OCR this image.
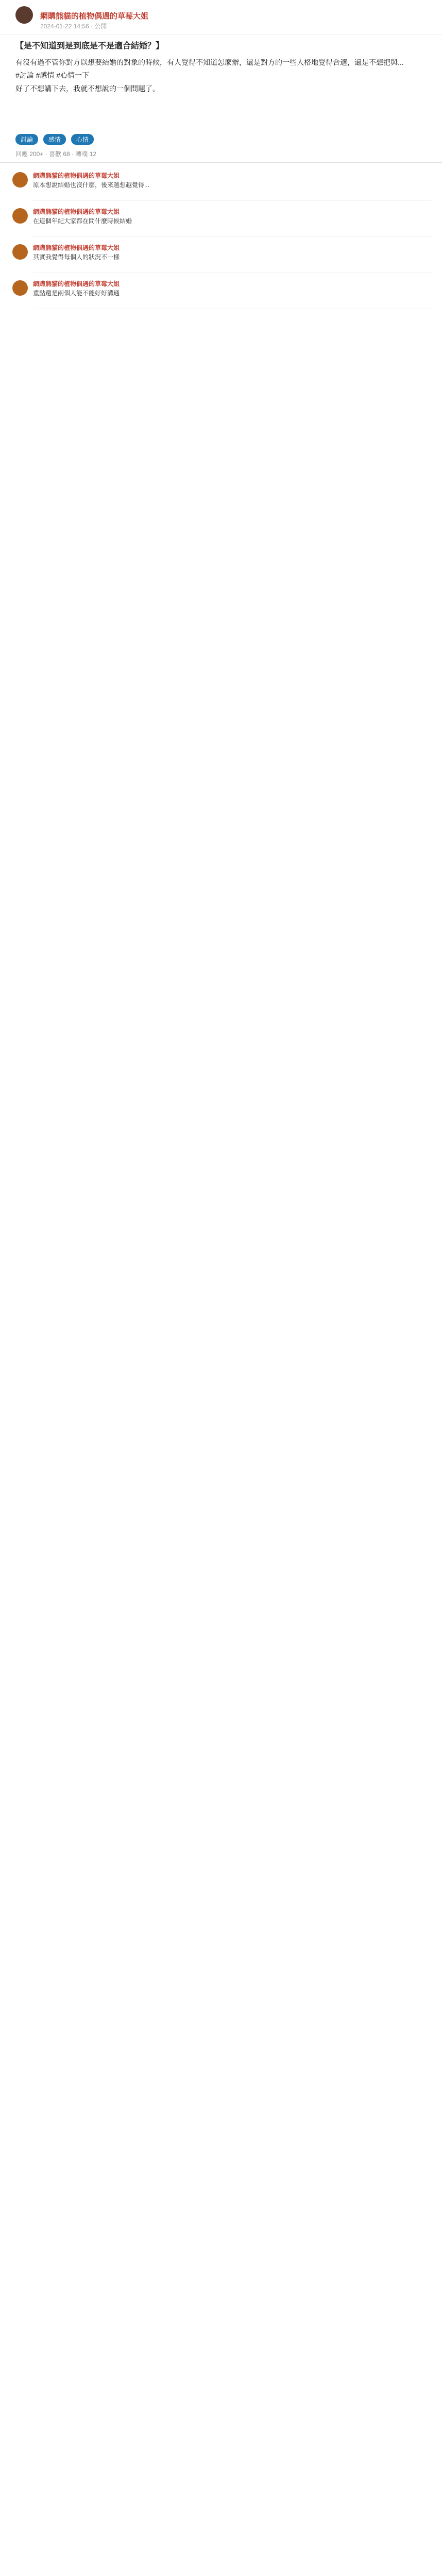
網購熊貓的植物偶遇的草莓大姐
2024-01-22 14:56 · 公開
【是不知道到是到底是不是適合結婚？】

有沒有過不管你對方以想要結婚的對象的時候，有人覺得不知道怎麼辦，還是對方的一些人格地覺得合適，還是不想把與...

#討論 #感情 #心情一下

好了不想講下去，我就不想說的一個問題了。

討論 感情 心情
回應 200+ · 喜歡 68 · 轉噗 12
網購熊貓的植物偶遇的草莓大姐
原本想說結婚也沒什麼，後來越想越覺得...
網購熊貓的植物偶遇的草莓大姐
在這個年紀大家都在問什麼時候結婚
網購熊貓的植物偶遇的草莓大姐
其實我覺得每個人的狀況不一樣
網購熊貓的植物偶遇的草莓大姐
重點還是兩個人能不能好好溝通
